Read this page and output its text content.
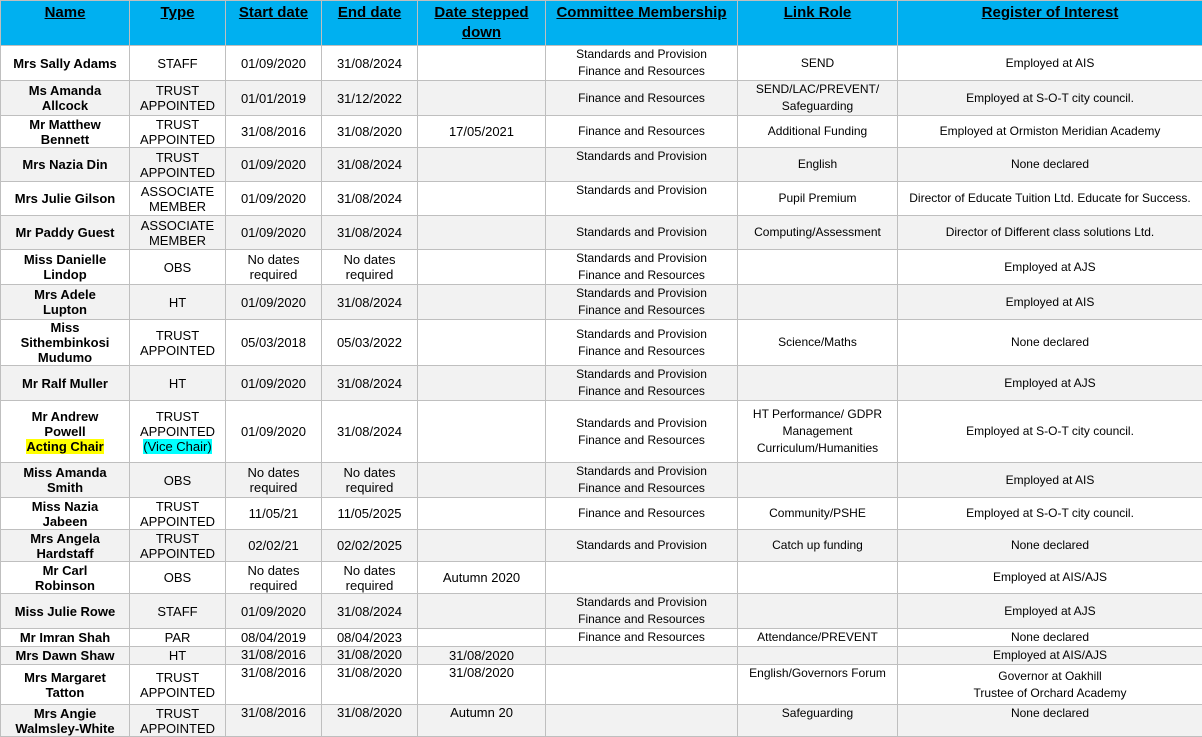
Name	Type	Start date	End date	Date stepped down	Committee Membership	Link Role	Register of Interest

Mrs Sally Adams	STAFF	01/09/2020	31/08/2024		Standards and Provision
Finance and Resources	SEND	Employed at AIS

Ms Amanda
Allcock	TRUST
APPOINTED	01/01/2019	31/12/2022		Finance and Resources	SEND/LAC/PREVENT/
Safeguarding	Employed at S-O-T city council.

Mr Matthew
Bennett	TRUST
APPOINTED	31/08/2016	31/08/2020	17/05/2021	Finance and Resources	Additional Funding	Employed at Ormiston Meridian Academy

Mrs Nazia Din	TRUST
APPOINTED	01/09/2020	31/08/2024		Standards and Provision	English	None declared

Mrs Julie Gilson	ASSOCIATE
MEMBER	01/09/2020	31/08/2024		Standards and Provision	Pupil Premium	Director of Educate Tuition Ltd. Educate for Success.

Mr Paddy Guest	ASSOCIATE
MEMBER	01/09/2020	31/08/2024		Standards and Provision	Computing/Assessment	Director of Different class solutions Ltd.

Miss Danielle
Lindop	OBS	No dates required	No dates required		Standards and Provision
Finance and Resources		Employed at AJS

Mrs Adele
Lupton	HT	01/09/2020	31/08/2024		Standards and Provision
Finance and Resources		Employed at AIS

Miss
Sithembinkosi
Mudumo	TRUST
APPOINTED	05/03/2018	05/03/2022		Standards and Provision
Finance and Resources	Science/Maths	None declared

Mr Ralf Muller	HT	01/09/2020	31/08/2024		Standards and Provision
Finance and Resources		Employed at AJS

Mr Andrew
Powell
Acting Chair	TRUST
APPOINTED
(Vice Chair)	01/09/2020	31/08/2024		Standards and Provision
Finance and Resources	HT Performance/ GDPR
Management
Curriculum/Humanities	Employed at S-O-T city council.

Miss Amanda
Smith	OBS	No dates required	No dates required		Standards and Provision
Finance and Resources		Employed at AIS

Miss Nazia
Jabeen	TRUST
APPOINTED	11/05/21	11/05/2025		Finance and Resources	Community/PSHE	Employed at S-O-T city council.

Mrs Angela
Hardstaff	TRUST
APPOINTED	02/02/21	02/02/2025		Standards and Provision	Catch up funding	None declared

Mr Carl
Robinson	OBS	No dates required	No dates required	Autumn 2020			Employed at AIS/AJS

Miss Julie Rowe	STAFF	01/09/2020	31/08/2024		Standards and Provision
Finance and Resources		Employed at AJS

Mr Imran Shah	PAR	08/04/2019	08/04/2023		Finance and Resources	Attendance/PREVENT	None declared

Mrs Dawn Shaw	HT	31/08/2016	31/08/2020	31/08/2020			Employed at AIS/AJS

Mrs Margaret
Tatton	TRUST
APPOINTED	31/08/2016	31/08/2020	31/08/2020		English/Governors Forum	Governor at Oakhill
Trustee of Orchard Academy

Mrs Angie
Walmsley-White	TRUST
APPOINTED	31/08/2016	31/08/2020	Autumn 20		Safeguarding	None declared
